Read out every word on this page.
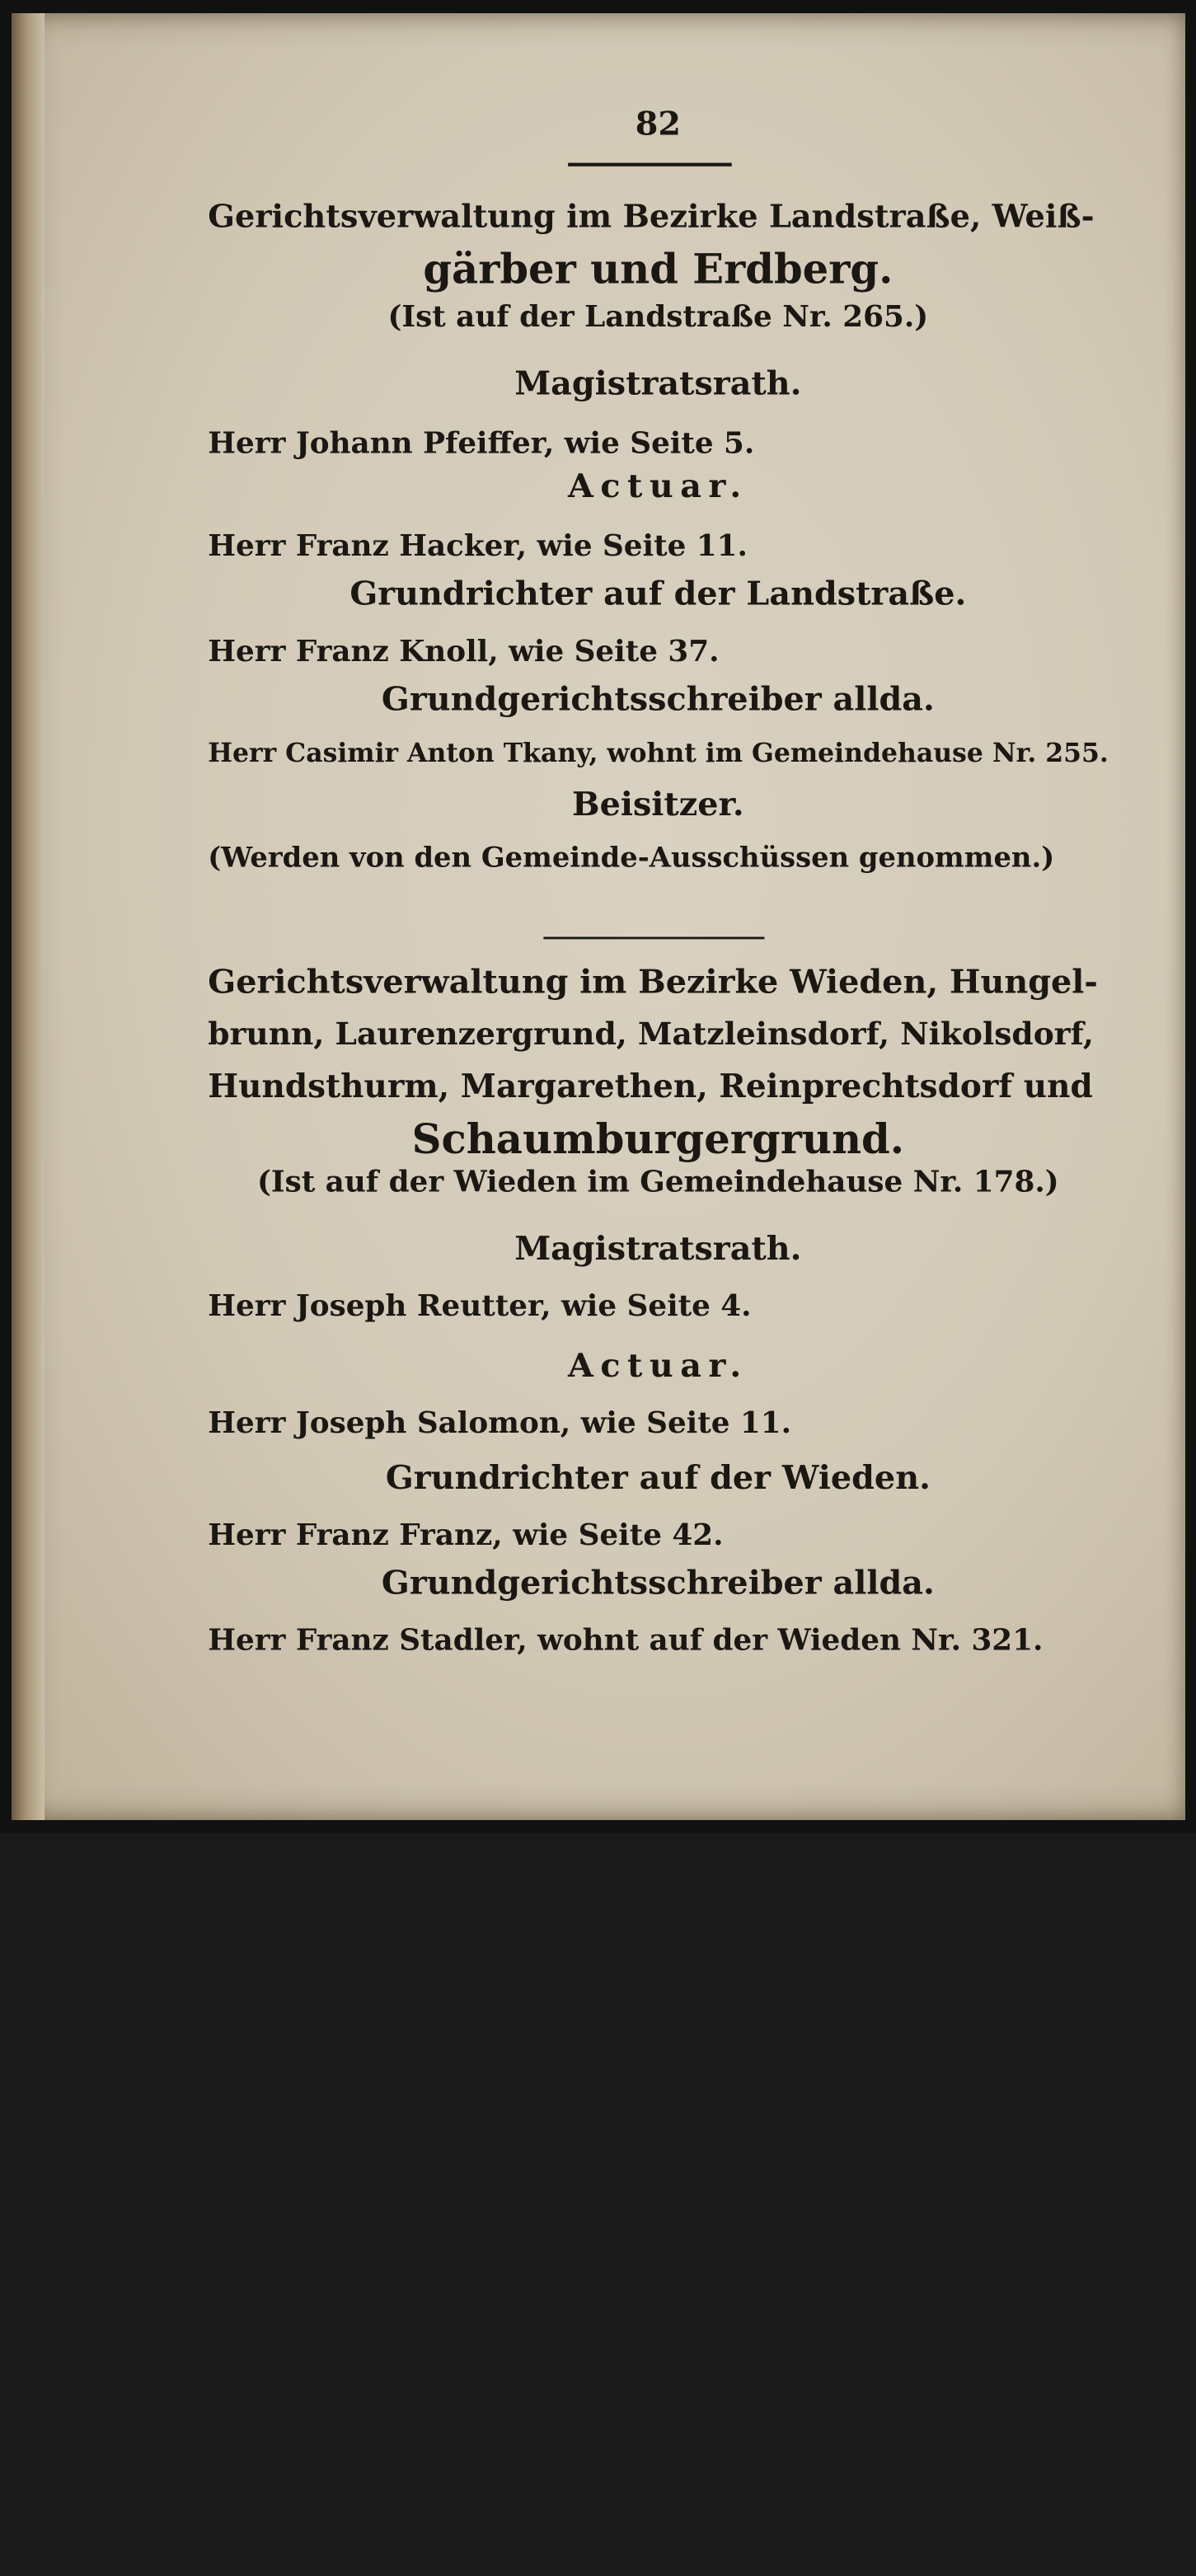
82
Gerichtsverwaltung im Bezirke Landstraße, Weiß-
gärber und Erdberg.
(Ist auf der Landstraße Nr. 265.)
Magistratsrath.
Herr Johann Pfeiffer, wie Seite 5.
Actuar.
Herr Franz Hacker, wie Seite 11.
Grundrichter auf der Landstraße.
Herr Franz Knoll, wie Seite 37.
Grundgerichtsschreiber allda.
Herr Casimir Anton Tkany, wohnt im Gemeindehause Nr. 255.
Beisitzer.
(Werden von den Gemeinde-Ausschüssen genommen.)
Gerichtsverwaltung im Bezirke Wieden, Hungel-
brunn, Laurenzergrund, Matzleinsdorf, Nikolsdorf,
Hundsthurm, Margarethen, Reinprechtsdorf und
Schaumburgergrund.
(Ist auf der Wieden im Gemeindehause Nr. 178.)
Magistratsrath.
Herr Joseph Reutter, wie Seite 4.
Actuar.
Herr Joseph Salomon, wie Seite 11.
Grundrichter auf der Wieden.
Herr Franz Franz, wie Seite 42.
Grundgerichtsschreiber allda.
Herr Franz Stadler, wohnt auf der Wieden Nr. 321.
